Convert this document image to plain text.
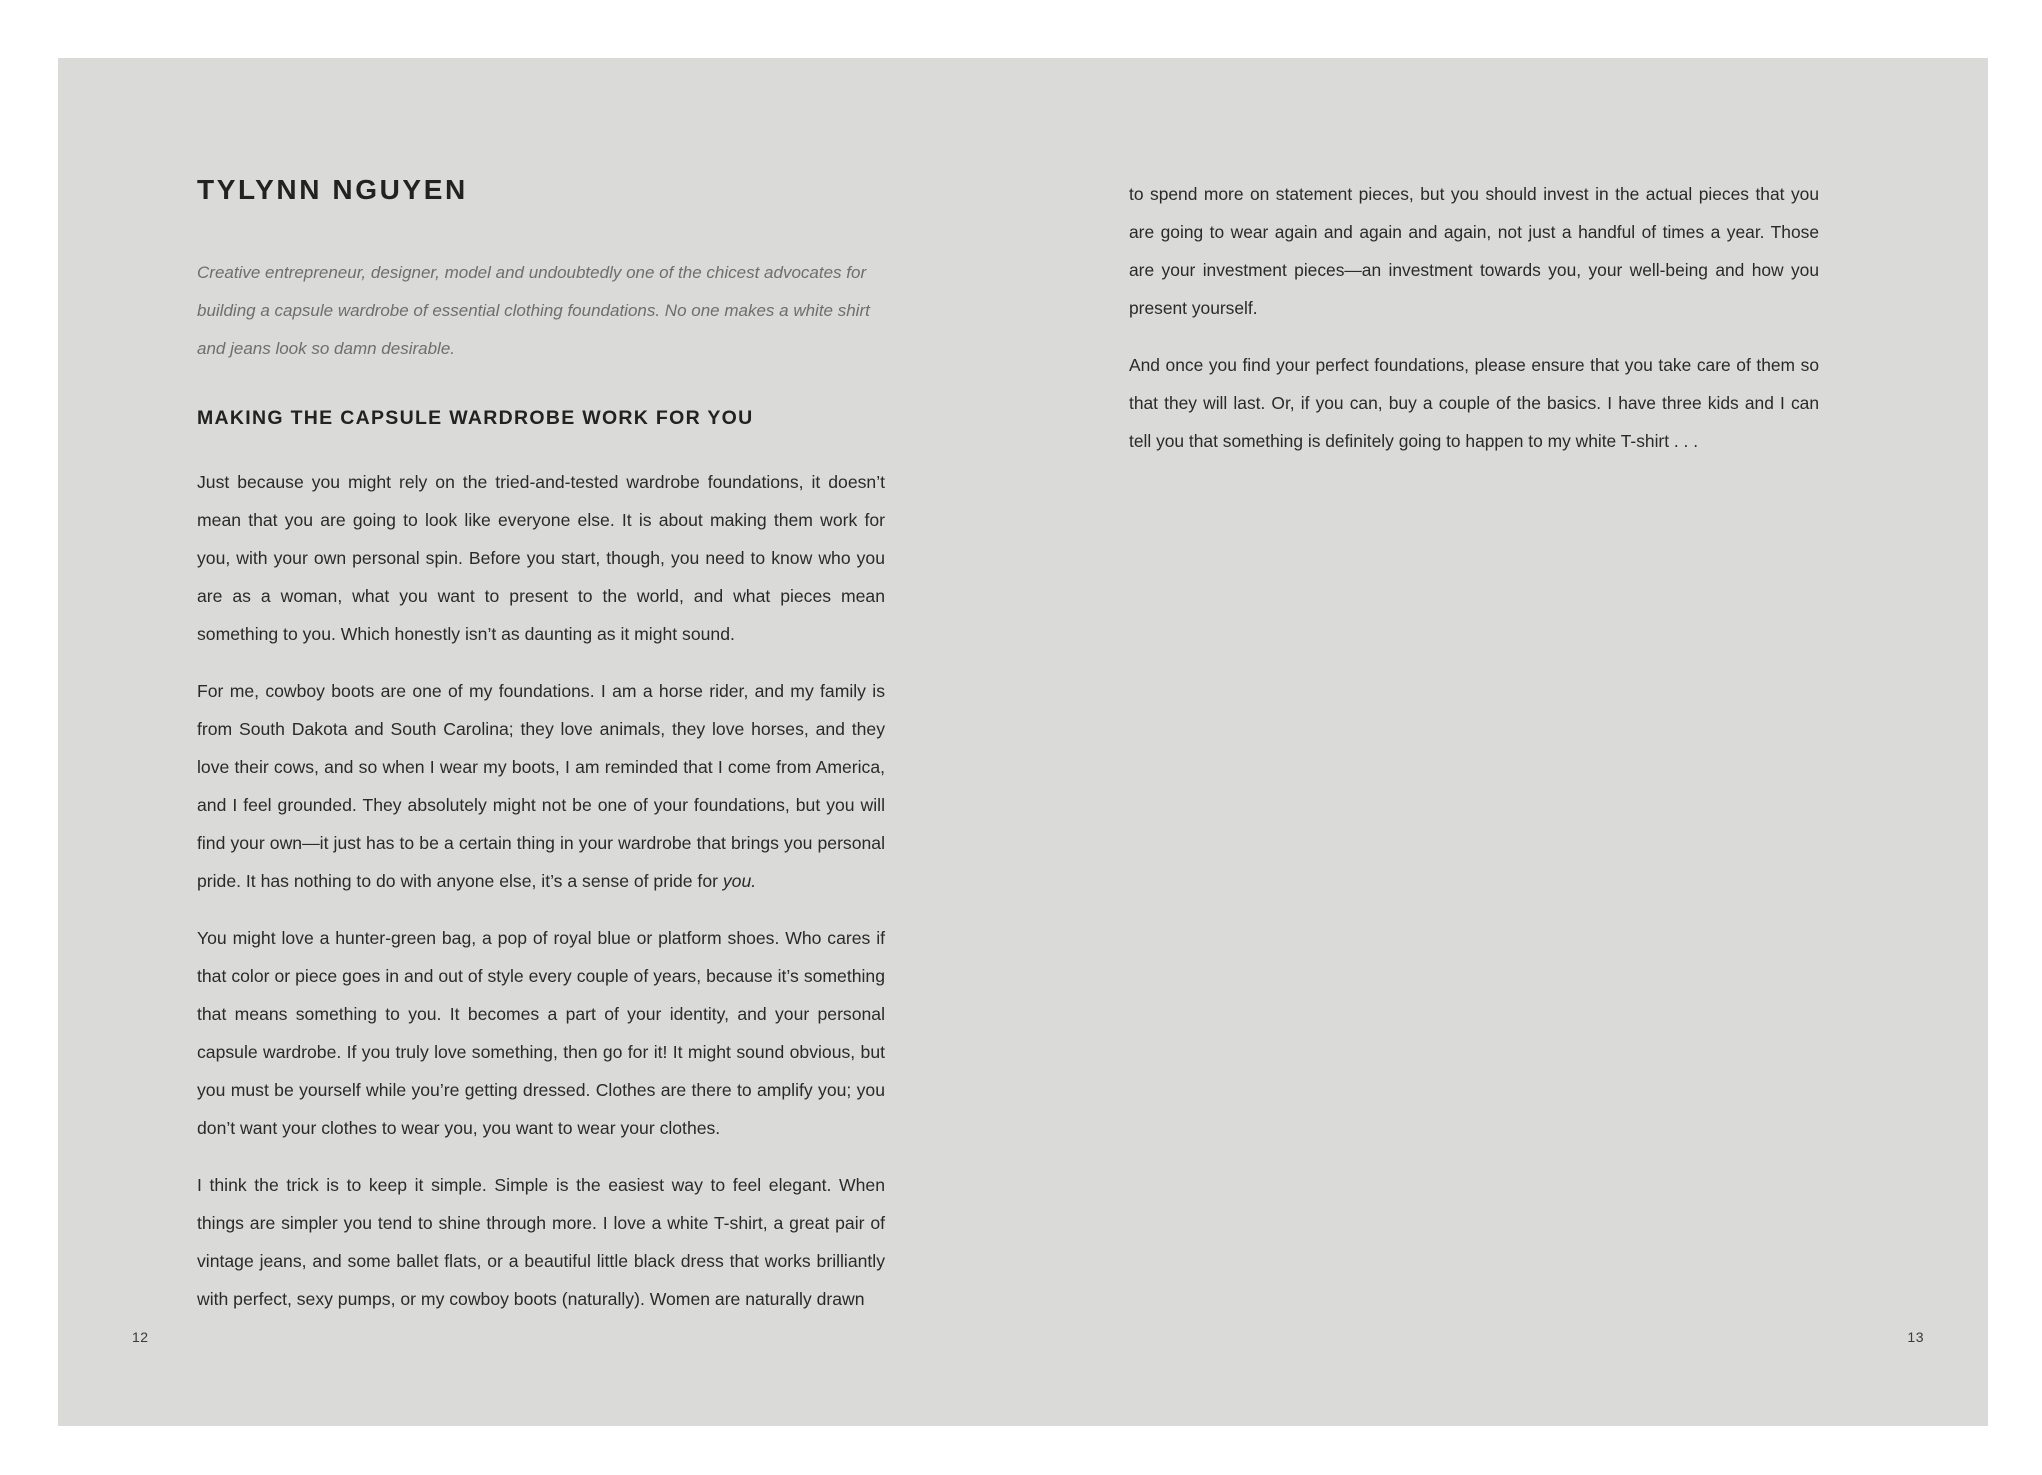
TYLYNN NGUYEN

Creative entrepreneur, designer, model and undoubtedly one of the chicest advocates for building a capsule wardrobe of essential clothing foundations. No one makes a white shirt and jeans look so damn desirable.

MAKING THE CAPSULE WARDROBE WORK FOR YOU

Just because you might rely on the tried-and-tested wardrobe foundations, it doesn’t mean that you are going to look like everyone else. It is about making them work for you, with your own personal spin. Before you start, though, you need to know who you are as a woman, what you want to present to the world, and what pieces mean something to you. Which honestly isn’t as daunting as it might sound.

For me, cowboy boots are one of my foundations. I am a horse rider, and my family is from South Dakota and South Carolina; they love animals, they love horses, and they love their cows, and so when I wear my boots, I am reminded that I come from America, and I feel grounded. They absolutely might not be one of your foundations, but you will find your own—it just has to be a certain thing in your wardrobe that brings you personal pride. It has nothing to do with anyone else, it’s a sense of pride for you.

You might love a hunter-green bag, a pop of royal blue or platform shoes. Who cares if that color or piece goes in and out of style every couple of years, because it’s something that means something to you. It becomes a part of your identity, and your personal capsule wardrobe. If you truly love something, then go for it! It might sound obvious, but you must be yourself while you’re getting dressed. Clothes are there to amplify you; you don’t want your clothes to wear you, you want to wear your clothes.

I think the trick is to keep it simple. Simple is the easiest way to feel elegant. When things are simpler you tend to shine through more. I love a white T-shirt, a great pair of vintage jeans, and some ballet flats, or a beautiful little black dress that works brilliantly with perfect, sexy pumps, or my cowboy boots (naturally). Women are naturally drawn

12

to spend more on statement pieces, but you should invest in the actual pieces that you are going to wear again and again and again, not just a handful of times a year. Those are your investment pieces—an investment towards you, your well-being and how you present yourself.

And once you find your perfect foundations, please ensure that you take care of them so that they will last. Or, if you can, buy a couple of the basics. I have three kids and I can tell you that something is definitely going to happen to my white T-shirt . . .

13
